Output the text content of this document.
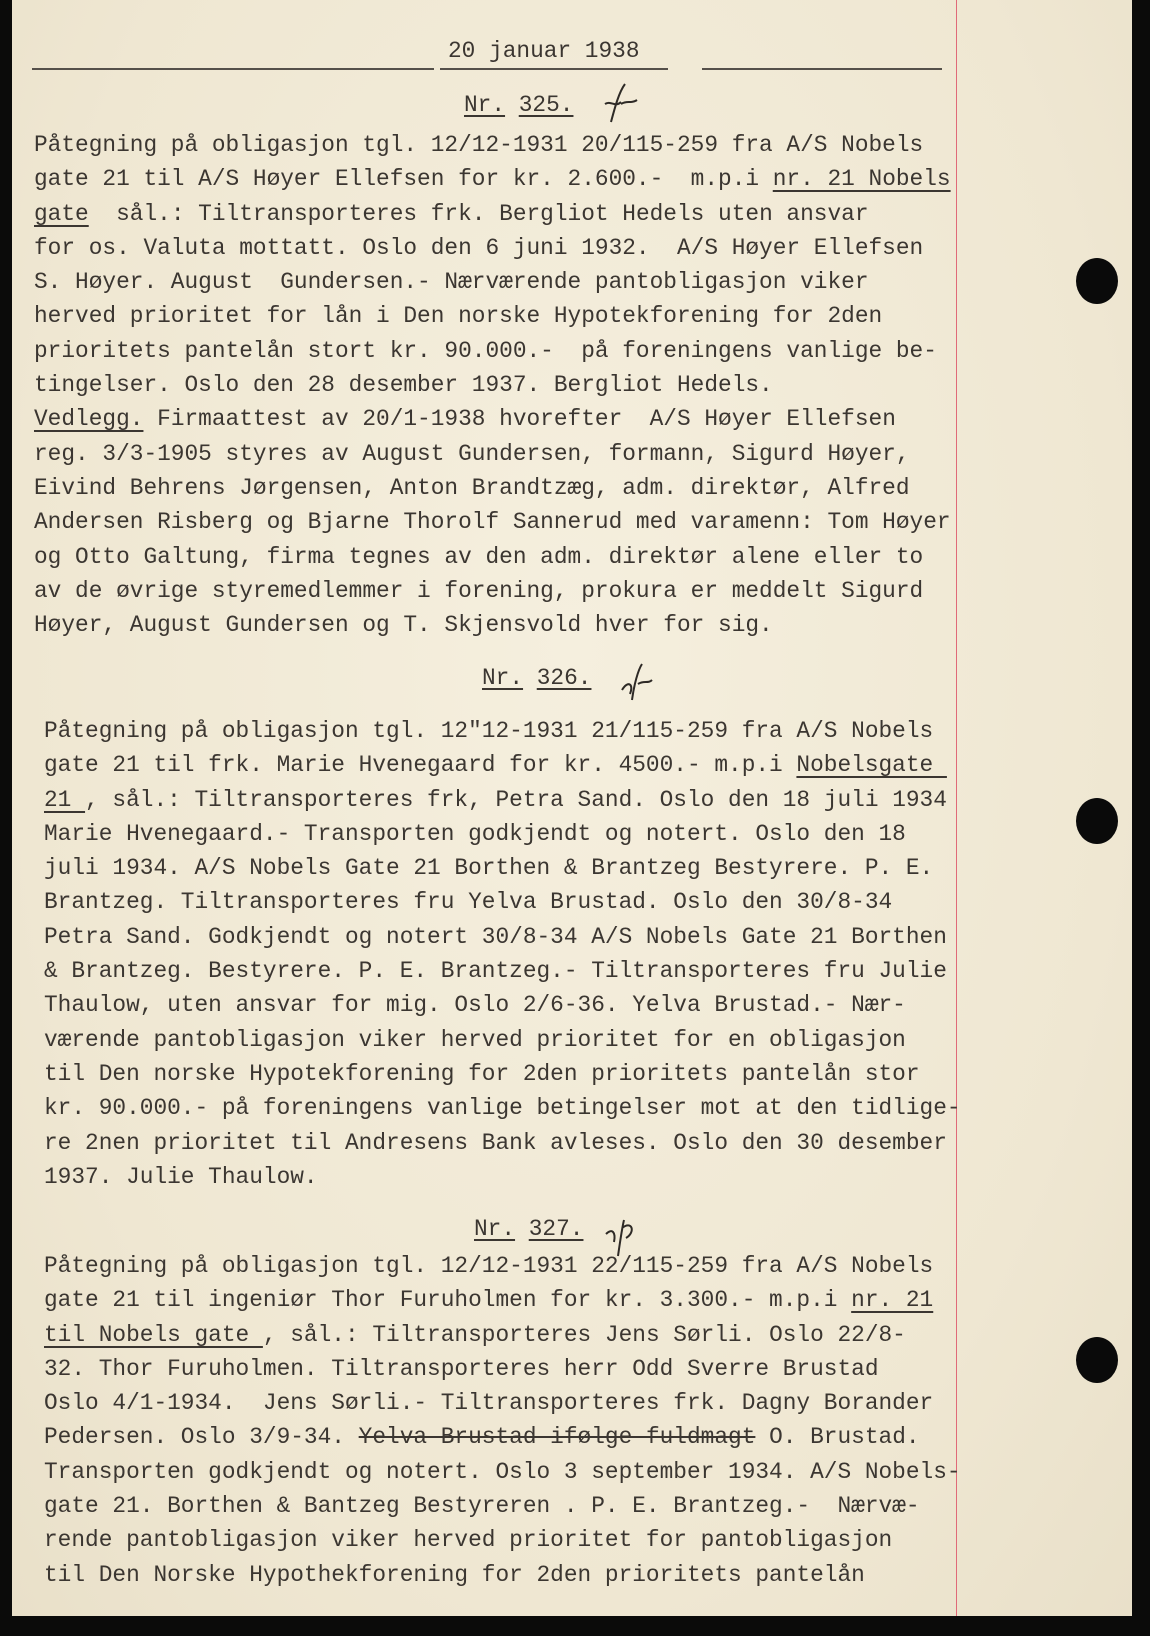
20 januar 1938
Nr. 325.
Påtegning på obligasjon tgl. 12/12-1931 20/115-259 fra A/S Nobels
gate 21 til A/S Høyer Ellefsen for kr. 2.600.-  m.p.i nr. 21 Nobels
gate  sål.: Tiltransporteres frk. Bergliot Hedels uten ansvar
for os. Valuta mottatt. Oslo den 6 juni 1932.  A/S Høyer Ellefsen
S. Høyer. August  Gundersen.- Nærværende pantobligasjon viker
herved prioritet for lån i Den norske Hypotekforening for 2den
prioritets pantelån stort kr. 90.000.-  på foreningens vanlige be-
tingelser. Oslo den 28 desember 1937. Bergliot Hedels.
Vedlegg. Firmaattest av 20/1-1938 hvorefter  A/S Høyer Ellefsen
reg. 3/3-1905 styres av August Gundersen, formann, Sigurd Høyer,
Eivind Behrens Jørgensen, Anton Brandtzæg, adm. direktør, Alfred
Andersen Risberg og Bjarne Thorolf Sannerud med varamenn: Tom Høyer
og Otto Galtung, firma tegnes av den adm. direktør alene eller to
av de øvrige styremedlemmer i forening, prokura er meddelt Sigurd
Høyer, August Gundersen og T. Skjensvold hver for sig.
Nr. 326.
Påtegning på obligasjon tgl. 12"12-1931 21/115-259 fra A/S Nobels
gate 21 til frk. Marie Hvenegaard for kr. 4500.- m.p.i Nobelsgate
21 , sål.: Tiltransporteres frk, Petra Sand. Oslo den 18 juli 1934
Marie Hvenegaard.- Transporten godkjendt og notert. Oslo den 18
juli 1934. A/S Nobels Gate 21 Borthen & Brantzeg Bestyrere. P. E.
Brantzeg. Tiltransporteres fru Yelva Brustad. Oslo den 30/8-34
Petra Sand. Godkjendt og notert 30/8-34 A/S Nobels Gate 21 Borthen
& Brantzeg. Bestyrere. P. E. Brantzeg.- Tiltransporteres fru Julie
Thaulow, uten ansvar for mig. Oslo 2/6-36. Yelva Brustad.- Nær-
værende pantobligasjon viker herved prioritet for en obligasjon
til Den norske Hypotekforening for 2den prioritets pantelån stor
kr. 90.000.- på foreningens vanlige betingelser mot at den tidlige-
re 2nen prioritet til Andresens Bank avleses. Oslo den 30 desember
1937. Julie Thaulow.
Nr. 327.
Påtegning på obligasjon tgl. 12/12-1931 22/115-259 fra A/S Nobels
gate 21 til ingeniør Thor Furuholmen for kr. 3.300.- m.p.i nr. 21
til Nobels gate , sål.: Tiltransporteres Jens Sørli. Oslo 22/8-
32. Thor Furuholmen. Tiltransporteres herr Odd Sverre Brustad
Oslo 4/1-1934.  Jens Sørli.- Tiltransporteres frk. Dagny Borander
Pedersen. Oslo 3/9-34. Yelva Brustad ifølge fuldmagt O. Brustad.
Transporten godkjendt og notert. Oslo 3 september 1934. A/S Nobels-
gate 21. Borthen & Bantzeg Bestyreren . P. E. Brantzeg.-  Nærvæ-
rende pantobligasjon viker herved prioritet for pantobligasjon
til Den Norske Hypothekforening for 2den prioritets pantelån
